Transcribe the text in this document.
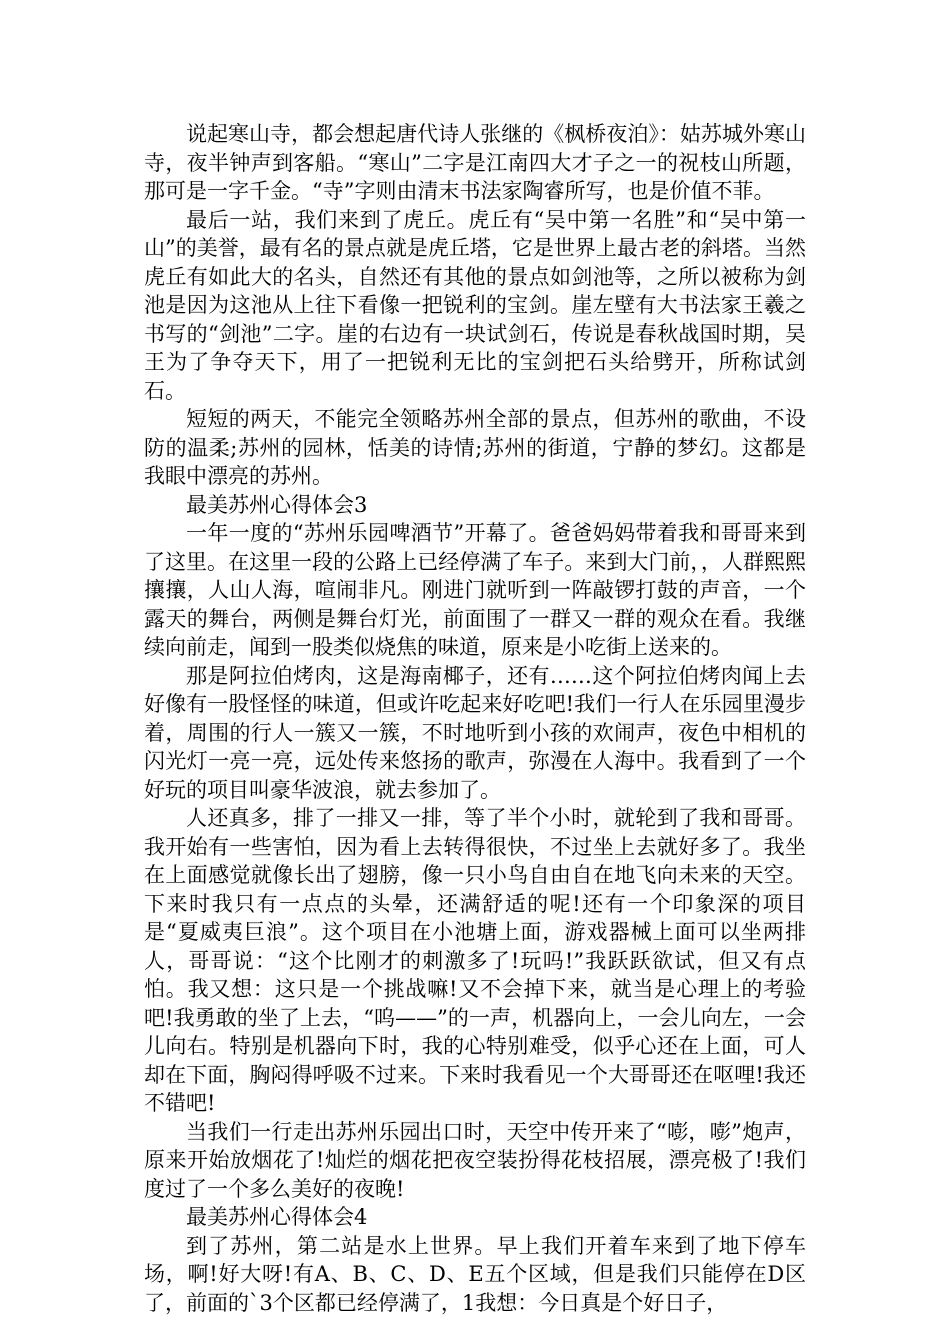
说起寒山寺，都会想起唐代诗人张继的《枫桥夜泊》：姑苏城外寒山寺，夜半钟声到客船。“寒山”二字是江南四大才子之一的祝枝山所题，那可是一字千金。“寺”字则由清末书法家陶睿所写，也是价值不菲。

最后一站，我们来到了虎丘。虎丘有“吴中第一名胜”和“吴中第一山”的美誉，最有名的景点就是虎丘塔，它是世界上最古老的斜塔。当然虎丘有如此大的名头，自然还有其他的景点如剑池等，之所以被称为剑池是因为这池从上往下看像一把锐利的宝剑。崖左壁有大书法家王羲之书写的“剑池”二字。崖的右边有一块试剑石，传说是春秋战国时期，吴王为了争夺天下，用了一把锐利无比的宝剑把石头给劈开，所称试剑石。

短短的两天，不能完全领略苏州全部的景点，但苏州的歌曲，不设防的温柔;苏州的园林，恬美的诗情;苏州的街道，宁静的梦幻。这都是我眼中漂亮的苏州。

最美苏州心得体会3

一年一度的“苏州乐园啤酒节”开幕了。爸爸妈妈带着我和哥哥来到了这里。在这里一段的公路上已经停满了车子。来到大门前，，人群熙熙攘攘，人山人海，喧闹非凡。刚进门就听到一阵敲锣打鼓的声音，一个露天的舞台，两侧是舞台灯光，前面围了一群又一群的观众在看。我继续向前走，闻到一股类似烧焦的味道，原来是小吃街上送来的。

那是阿拉伯烤肉，这是海南椰子，还有……这个阿拉伯烤肉闻上去好像有一股怪怪的味道，但或许吃起来好吃吧!我们一行人在乐园里漫步着，周围的行人一簇又一簇，不时地听到小孩的欢闹声，夜色中相机的闪光灯一亮一亮，远处传来悠扬的歌声，弥漫在人海中。我看到了一个好玩的项目叫豪华波浪，就去参加了。

人还真多，排了一排又一排，等了半个小时，就轮到了我和哥哥。我开始有一些害怕，因为看上去转得很快，不过坐上去就好多了。我坐在上面感觉就像长出了翅膀，像一只小鸟自由自在地飞向未来的天空。下来时我只有一点点的头晕，还满舒适的呢!还有一个印象深的项目是“夏威夷巨浪”。这个项目在小池塘上面，游戏器械上面可以坐两排人，哥哥说：“这个比刚才的刺激多了!玩吗!”我跃跃欲试，但又有点怕。我又想：这只是一个挑战嘛!又不会掉下来，就当是心理上的考验吧!我勇敢的坐了上去，“呜——”的一声，机器向上，一会儿向左，一会儿向右。特别是机器向下时，我的心特别难受，似乎心还在上面，可人却在下面，胸闷得呼吸不过来。下来时我看见一个大哥哥还在呕哩!我还不错吧!

当我们一行走出苏州乐园出口时，天空中传开来了“嘭，嘭”炮声，原来开始放烟花了!灿烂的烟花把夜空装扮得花枝招展，漂亮极了!我们度过了一个多么美好的夜晚!

最美苏州心得体会4

到了苏州，第二站是水上世界。早上我们开着车来到了地下停车场，啊!好大呀!有A、B、C、D、E五个区域，但是我们只能停在D区了，前面的`3个区都已经停满了，1我想：今日真是个好日子，
